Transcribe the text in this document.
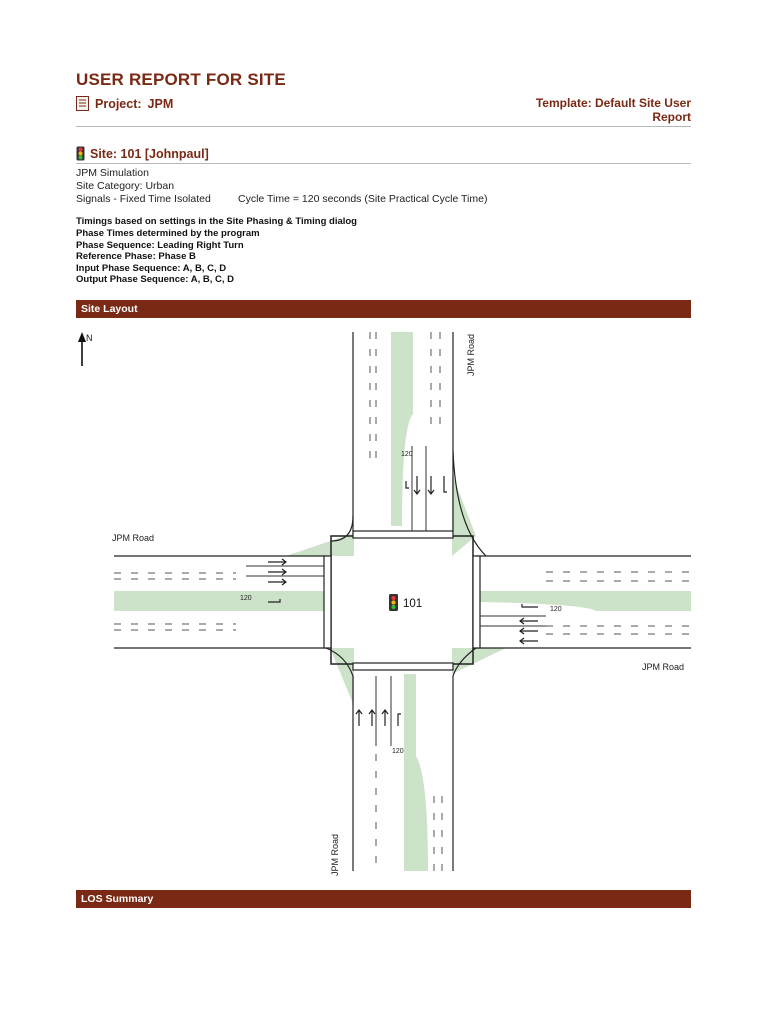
USER REPORT FOR SITE
Project: JPM	Template: Default Site User
Report
Site: 101 [Johnpaul]
JPM Simulation
Site Category: Urban
Signals - Fixed Time Isolated	Cycle Time = 120 seconds (Site Practical Cycle Time)
Timings based on settings in the Site Phasing & Timing dialog
Phase Times determined by the program
Phase Sequence: Leading Right Turn
Reference Phase: Phase B
Input Phase Sequence: A, B, C, D
Output Phase Sequence: A, B, C, D
Site Layout
N
101
JPM Road
JPM Road
JPM Road
JPM Road
120
120
120
120
LOS Summary
